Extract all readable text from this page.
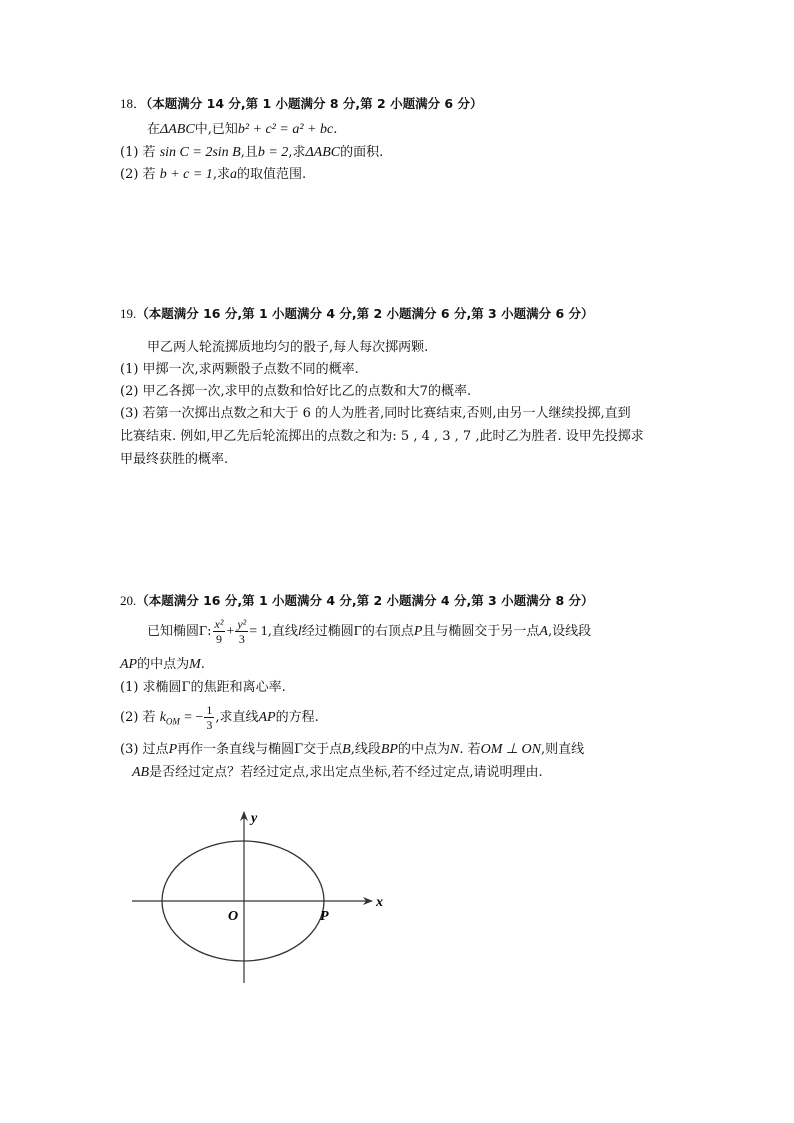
18．（本题满分 14 分,第 1 小题满分 8 分,第 2 小题满分 6 分）
在ΔABC中,已知b² + c² = a² + bc.
(1) 若 sin C = 2sin B,且b = 2,求ΔABC的面积.
(2) 若 b + c = 1,求a的取值范围.
19.（本题满分 16 分,第 1 小题满分 4 分,第 2 小题满分 6 分,第 3 小题满分 6 分）
甲乙两人轮流掷质地均匀的骰子,每人每次掷两颗.
(1) 甲掷一次,求两颗骰子点数不同的概率.
(2) 甲乙各掷一次,求甲的点数和恰好比乙的点数和大7的概率.
(3) 若第一次掷出点数之和大于 6 的人为胜者,同时比赛结束,否则,由另一人继续投掷,直到
比赛结束. 例如,甲乙先后轮流掷出的点数之和为: 5 , 4 , 3 , 7 ,此时乙为胜者. 设甲先投掷求
甲最终获胜的概率.
20.（本题满分 16 分,第 1 小题满分 4 分,第 2 小题满分 4 分,第 3 小题满分 8 分）
已知椭圆Γ: $\frac{\text{x²}}{9} + \frac{\text{y²}}{3} = 1$,直线l经过椭圆Γ的右顶点P且与椭圆交于另一点A,设线段
AP的中点为M.
(1) 求椭圆Γ的焦距和离心率.
(2) 若 $k_{OM}$ = − $\frac{1}{3}$ ,求直线AP的方程.
(3) 过点P再作一条直线与椭圆Γ交于点B,线段BP的中点为N. 若OM ⊥ ON,则直线
AB是否经过定点？若经过定点,求出定点坐标,若不经过定点,请说明理由.
y
x
O	P
